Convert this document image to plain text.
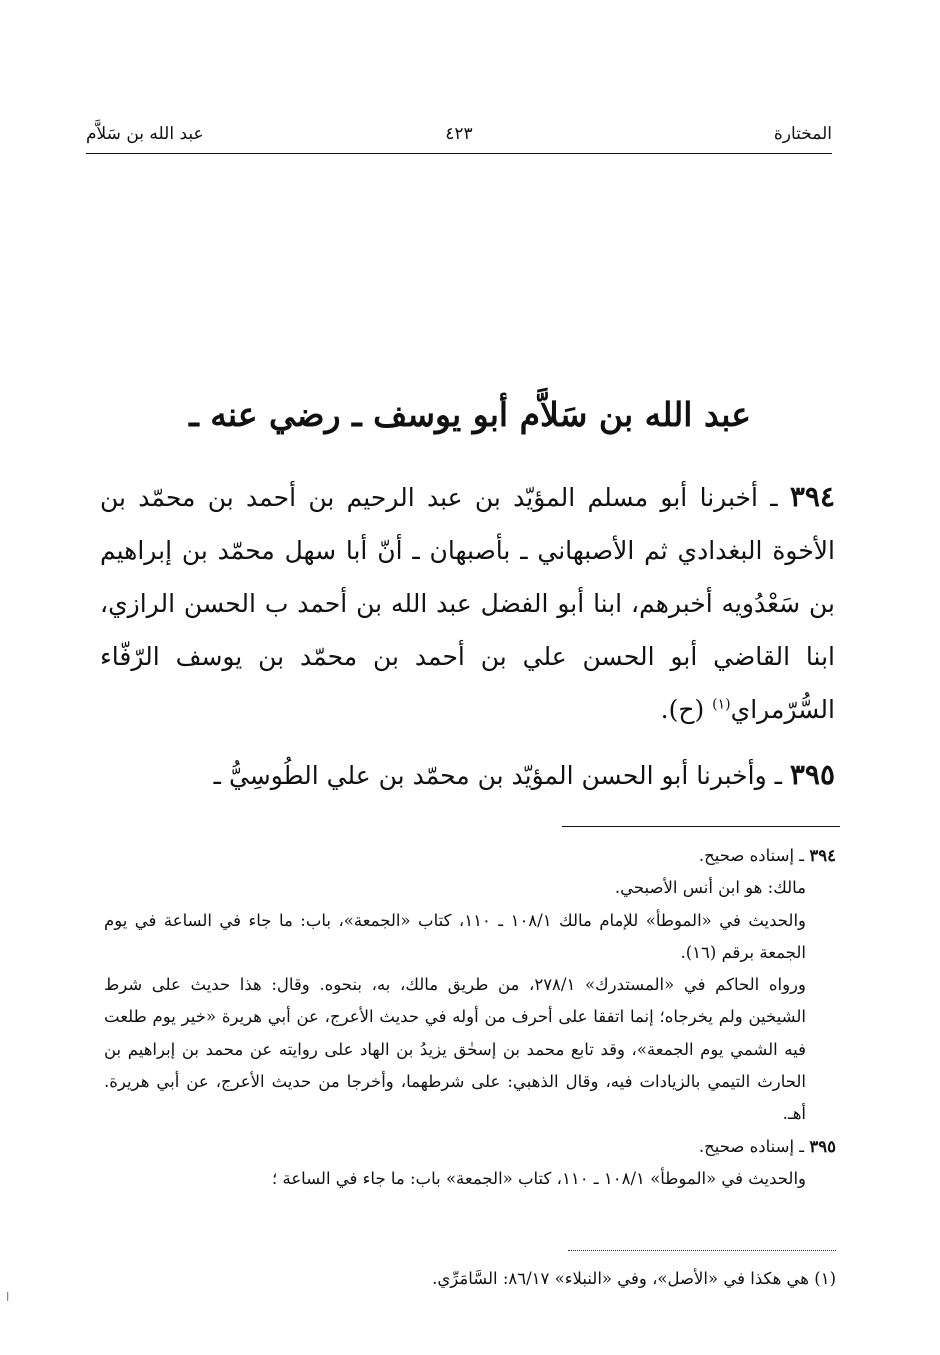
المختارة
٤٢٣
عبد الله بن سَلاَّم
عبد الله بن سَلاَّم أبو يوسف ـ رضي عنه ـ

٣٩٤ ـ أخبرنا أبو مسلم المؤيّد بن عبد الرحيم بن أحمد بن محمّد بن الأخوة البغدادي ثم الأصبهاني ـ بأصبهان ـ أنّ أبا سهل محمّد بن إبراهيم بن سَعْدُويه أخبرهم، ابنا أبو الفضل عبد الله بن أحمد ب الحسن الرازي، ابنا القاضي أبو الحسن علي بن أحمد بن محمّد بن يوسف الرّفّاء السُّرّمراي$^{(١)}$ (ح).

٣٩٥ ـ وأخبرنا أبو الحسن المؤيّد بن محمّد بن علي الطُوسِيُّ ـ

٣٩٤ ـ إسناده صحيح.

مالك: هو ابن أنس الأصبحي.

والحديث في «الموطأ» للإمام مالك ١٠٨/١ ـ ١١٠، كتاب «الجمعة»، باب: ما جاء في الساعة في يوم الجمعة برقم (١٦).

ورواه الحاكم في «المستدرك» ٢٧٨/١، من طريق مالك، به، بنحوه. وقال: هذا حديث على شرط الشيخين ولم يخرجاه؛ إنما اتفقا على أحرف من أوله في حديث الأعرج، عن أبي هريرة «خير يوم طلعت فيه الشمي يوم الجمعة»، وقد تابع محمد بن إسحٰق يزيدُ بن الهاد على روايته عن محمد بن إبراهيم بن الحارث التيمي بالزيادات فيه، وقال الذهبي: على شرطهما، وأخرجا من حديث الأعرج، عن أبي هريرة. أهـ.

٣٩٥ ـ إسناده صحيح.

والحديث في «الموطأ» ١٠٨/١ ـ ١١٠، كتاب «الجمعة» باب: ما جاء في الساعة ؛

(١) هي هكذا في «الأصل»، وفي «النبلاء» ٨٦/١٧: السَّامَرِّي.
ا
